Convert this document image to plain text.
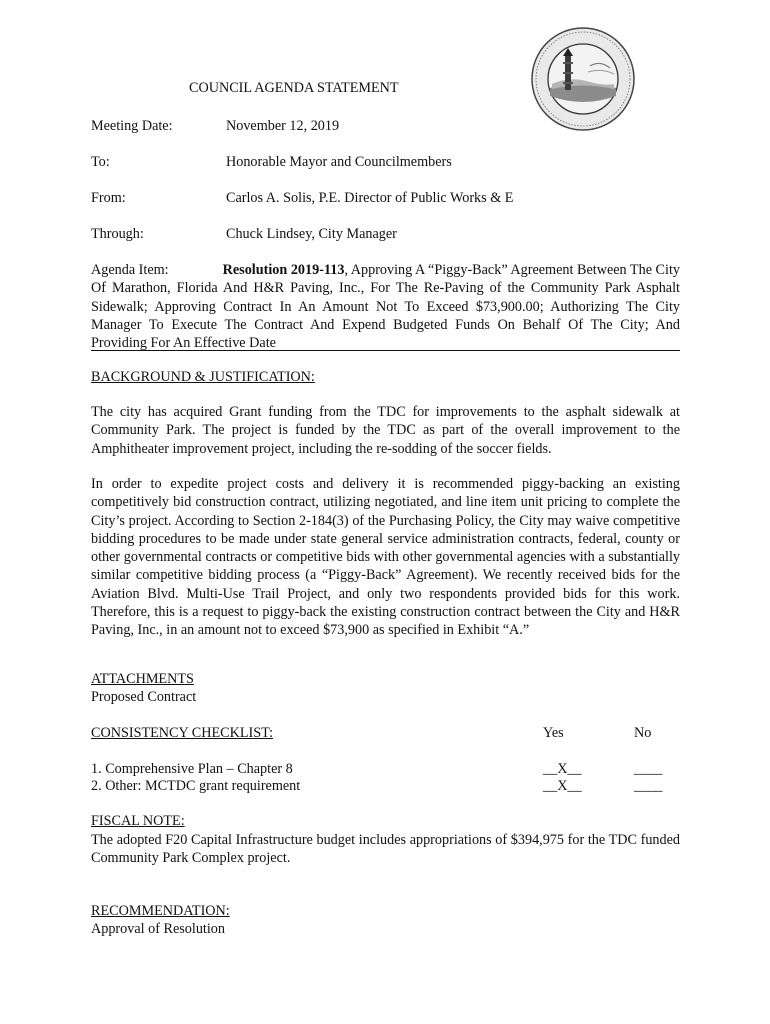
COUNCIL AGENDA STATEMENT
Meeting Date:	November 12, 2019
To:	Honorable Mayor and Councilmembers
From:	Carlos A. Solis, P.E. Director of Public Works & E
Through:	Chuck Lindsey, City Manager

Agenda Item:	Resolution 2019-113, Approving A “Piggy-Back” Agreement Between The City Of Marathon, Florida And H&R Paving, Inc., For The Re-Paving of the Community Park Asphalt Sidewalk; Approving Contract In An Amount Not To Exceed $73,900.00; Authorizing The City Manager To Execute The Contract And Expend Budgeted Funds On Behalf Of The City; And Providing For An Effective Date

BACKGROUND & JUSTIFICATION:

The city has acquired Grant funding from the TDC for improvements to the asphalt sidewalk at Community Park. The project is funded by the TDC as part of the overall improvement to the Amphitheater improvement project, including the re-sodding of the soccer fields.

In order to expedite project costs and delivery it is recommended piggy-backing an existing competitively bid construction contract, utilizing negotiated, and line item unit pricing to complete the City’s project. According to Section 2-184(3) of the Purchasing Policy, the City may waive competitive bidding procedures to be made under state general service administration contracts, federal, county or other governmental contracts or competitive bids with other governmental agencies with a substantially similar competitive bidding process (a “Piggy-Back” Agreement). We recently received bids for the Aviation Blvd. Multi-Use Trail Project, and only two respondents provided bids for this work. Therefore, this is a request to piggy-back the existing construction contract between the City and H&R Paving, Inc., in an amount not to exceed $73,900 as specified in Exhibit “A.”

ATTACHMENTS
Proposed Contract
CONSISTENCY CHECKLIST:	Yes	No
1. Comprehensive Plan – Chapter 8	__X__	____
2. Other: MCTDC grant requirement	__X__	____
FISCAL NOTE:

The adopted F20 Capital Infrastructure budget includes appropriations of $394,975 for the TDC funded Community Park Complex project.

RECOMMENDATION:
Approval of Resolution
